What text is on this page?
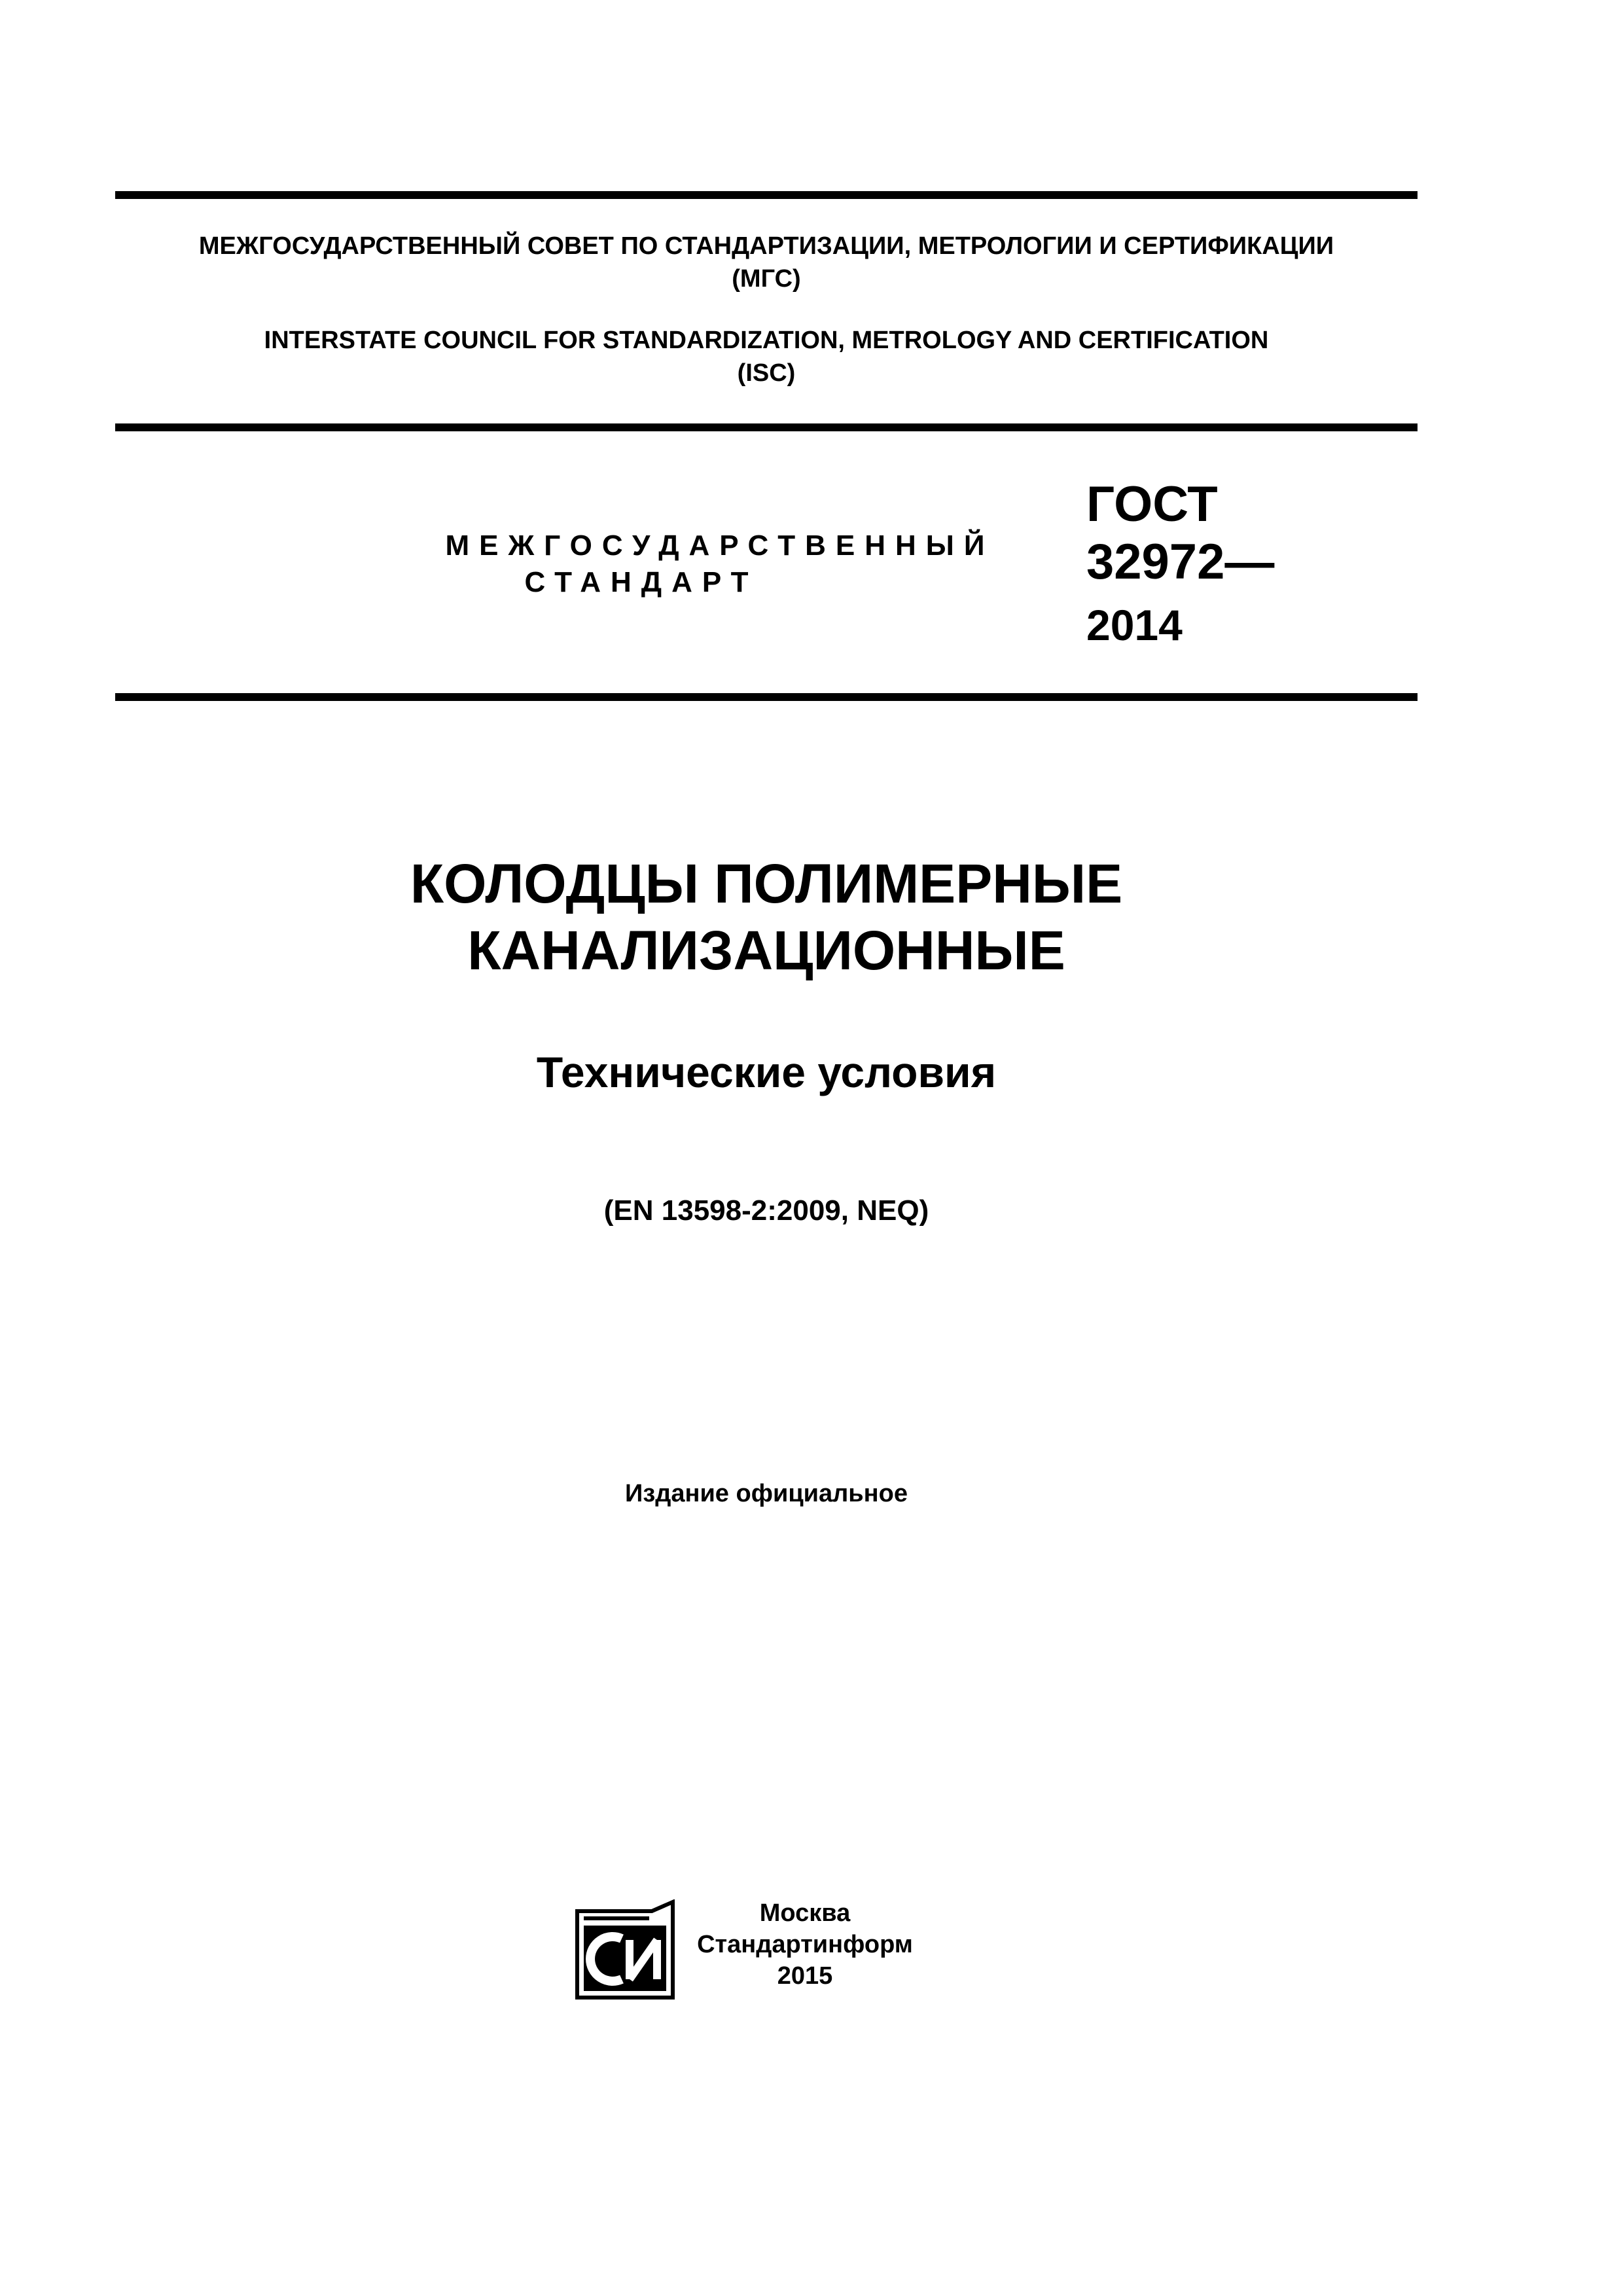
МЕЖГОСУДАРСТВЕННЫЙ СОВЕТ ПО СТАНДАРТИЗАЦИИ, МЕТРОЛОГИИ И СЕРТИФИКАЦИИ
(МГС)
INTERSTATE COUNCIL FOR STANDARDIZATION, METROLOGY AND CERTIFICATION
(ISC)
МЕЖГОСУДАРСТВЕННЫЙ
СТАНДАРТ
ГОСТ
32972—
2014
КОЛОДЦЫ ПОЛИМЕРНЫЕ
КАНАЛИЗАЦИОННЫЕ
Технические условия
(EN 13598-2:2009, NEQ)
Издание официальное
Москва
Стандартинформ
2015
